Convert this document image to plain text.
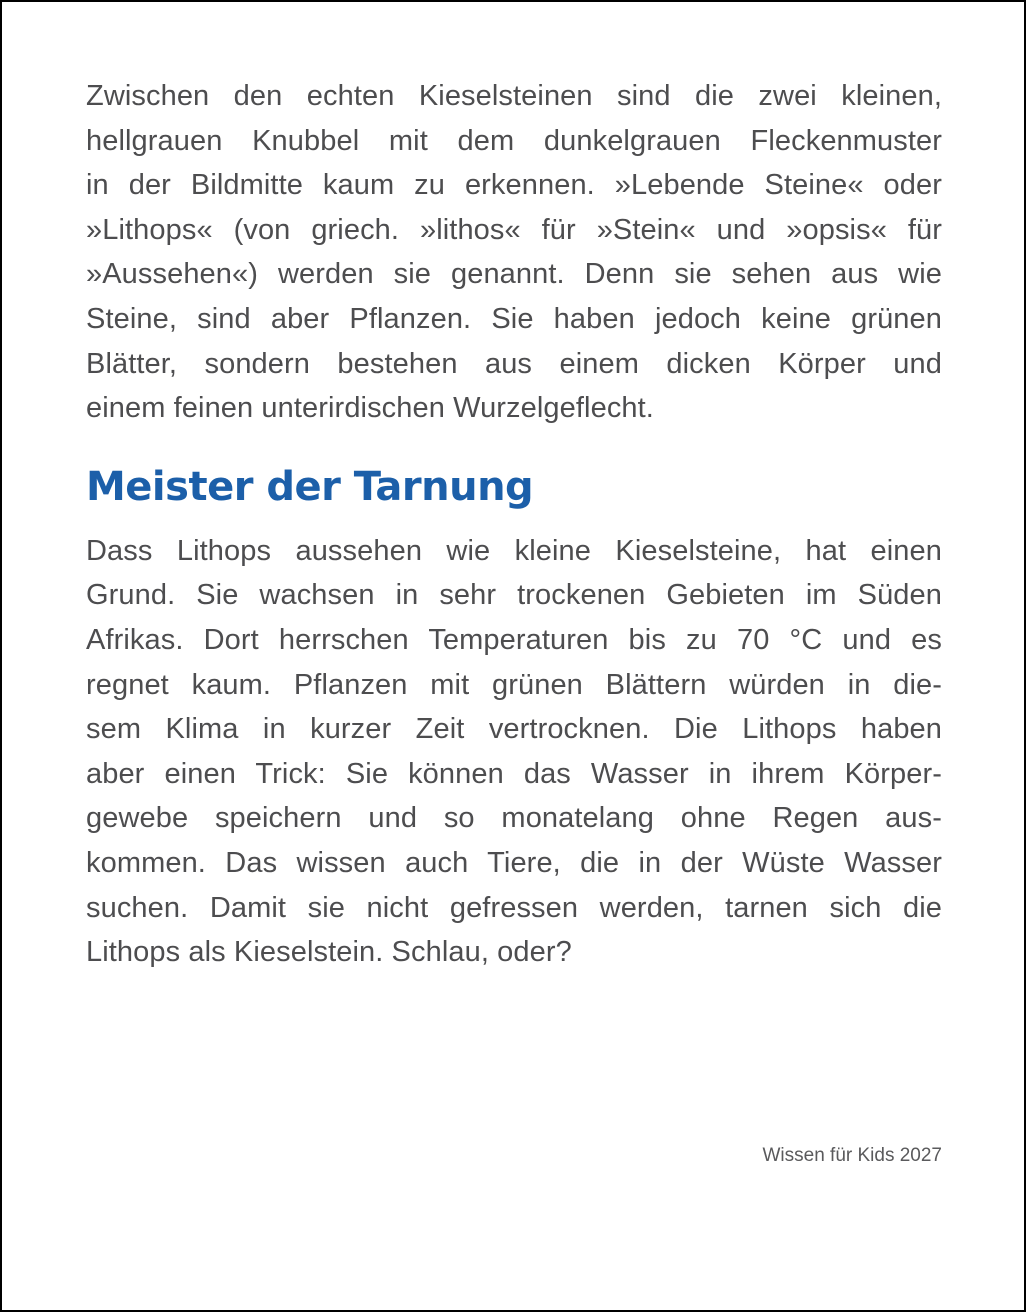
Zwischen den echten Kieselsteinen sind die zwei kleinen,
hellgrauen Knubbel mit dem dunkelgrauen Fleckenmuster
in der Bildmitte kaum zu erkennen. »Lebende Steine« oder
»Lithops« (von griech. »lithos« für »Stein« und »opsis« für
»Aussehen«) werden sie genannt. Denn sie sehen aus wie
Steine, sind aber Pflanzen. Sie haben jedoch keine grünen
Blätter, sondern bestehen aus einem dicken Körper und
einem feinen unterirdischen Wurzelgeflecht.

Meister der Tarnung

Dass Lithops aussehen wie kleine Kieselsteine, hat einen
Grund. Sie wachsen in sehr trockenen Gebieten im Süden
Afrikas. Dort herrschen Temperaturen bis zu 70 °C und es
regnet kaum. Pflanzen mit grünen Blättern würden in die-
sem Klima in kurzer Zeit vertrocknen. Die Lithops haben
aber einen Trick: Sie können das Wasser in ihrem Körper-
gewebe speichern und so monatelang ohne Regen aus-
kommen. Das wissen auch Tiere, die in der Wüste Wasser
suchen. Damit sie nicht gefressen werden, tarnen sich die
Lithops als Kieselstein. Schlau, oder?

Wissen für Kids 2027
